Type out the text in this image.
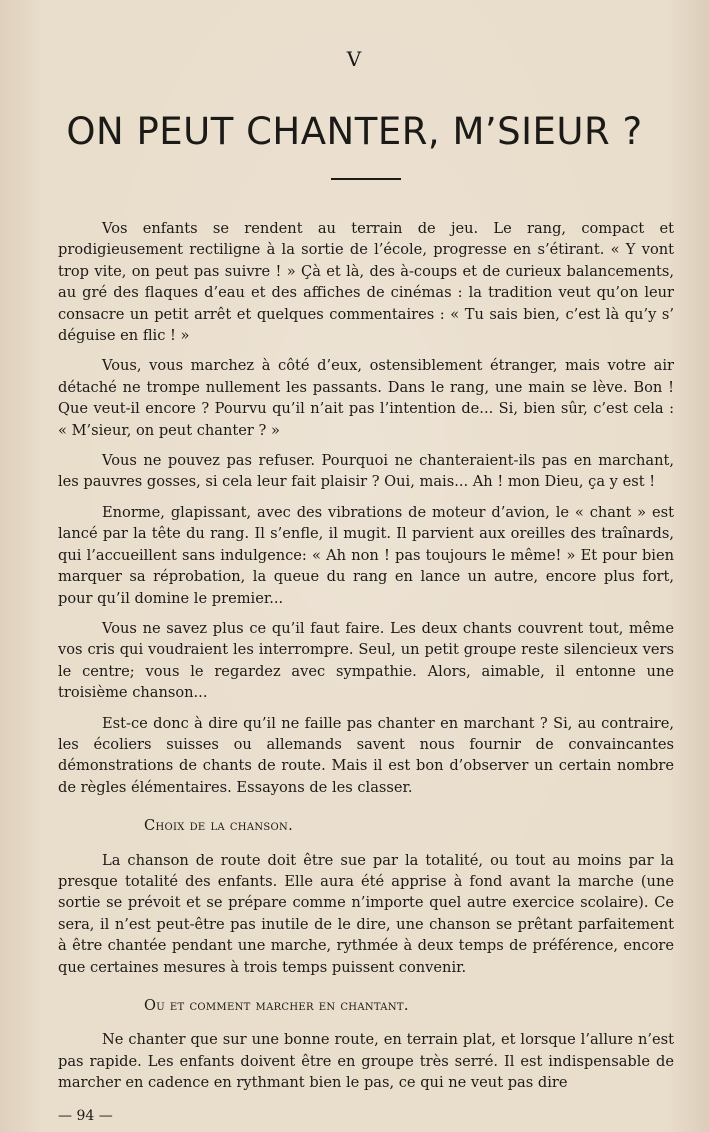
V
ON PEUT CHANTER, M’SIEUR ?

Vos enfants se rendent au terrain de jeu. Le rang, compact et prodigieusement rectiligne à la sortie de l’école, progresse en s’étirant. « Y vont trop vite, on peut pas suivre ! » Çà et là, des à-coups et de curieux balancements, au gré des flaques d’eau et des affiches de cinémas : la tradition veut qu’on leur consacre un petit arrêt et quelques commentaires : « Tu sais bien, c’est là qu’y s’ déguise en flic ! »

Vous, vous marchez à côté d’eux, ostensiblement étranger, mais votre air détaché ne trompe nullement les passants. Dans le rang, une main se lève. Bon ! Que veut-il encore ? Pourvu qu’il n’ait pas l’intention de... Si, bien sûr, c’est cela : « M’sieur, on peut chanter ? »

Vous ne pouvez pas refuser. Pourquoi ne chanteraient-ils pas en marchant, les pauvres gosses, si cela leur fait plaisir ? Oui, mais... Ah ! mon Dieu, ça y est !

Enorme, glapissant, avec des vibrations de moteur d’avion, le « chant » est lancé par la tête du rang. Il s’enfle, il mugit. Il parvient aux oreilles des traînards, qui l’accueillent sans indulgence: « Ah non ! pas toujours le même! » Et pour bien marquer sa réprobation, la queue du rang en lance un autre, encore plus fort, pour qu’il domine le premier...

Vous ne savez plus ce qu’il faut faire. Les deux chants couvrent tout, même vos cris qui voudraient les interrompre. Seul, un petit groupe reste silencieux vers le centre; vous le regardez avec sympathie. Alors, aimable, il entonne une troisième chanson...

Est-ce donc à dire qu’il ne faille pas chanter en marchant ? Si, au contraire, les écoliers suisses ou allemands savent nous fournir de convaincantes démonstrations de chants de route. Mais il est bon d’observer un certain nombre de règles élémentaires. Essayons de les classer.

Choix de la chanson.

La chanson de route doit être sue par la totalité, ou tout au moins par la presque totalité des enfants. Elle aura été apprise à fond avant la marche (une sortie se prévoit et se prépare comme n’importe quel autre exercice scolaire). Ce sera, il n’est peut-être pas inutile de le dire, une chanson se prêtant parfaitement à être chantée pendant une marche, rythmée à deux temps de préférence, encore que certaines mesures à trois temps puissent convenir.

Ou et comment marcher en chantant.

Ne chanter que sur une bonne route, en terrain plat, et lorsque l’allure n’est pas rapide. Les enfants doivent être en groupe très serré. Il est indispensable de marcher en cadence en rythmant bien le pas, ce qui ne veut pas dire

— 94 —
